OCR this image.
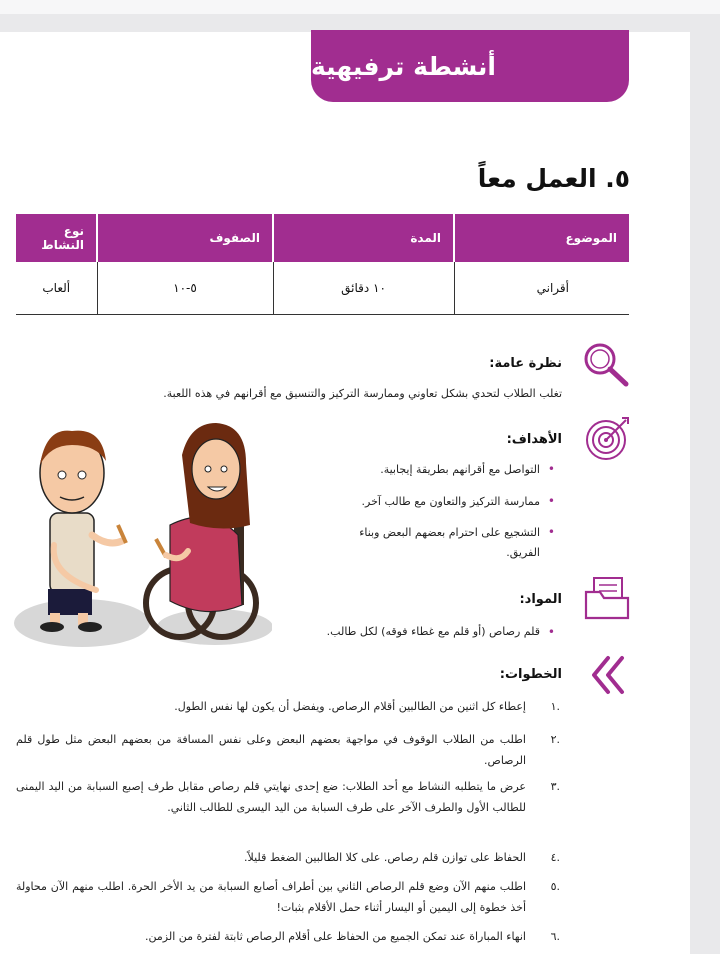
أنشطة ترفيهية
٥. العمل معاً
الموضوع	المدة	الصفوف	نوع النشاط
أقراني	١٠ دقائق	٥-١٠	ألعاب
نظرة عامة:
تغلب الطلاب لتحدي بشكل تعاوني وممارسة التركيز والتنسيق مع أقرانهم في هذه اللعبة.
الأهداف:
•
التواصل مع أقرانهم بطريقة إيجابية.
•
ممارسة التركيز والتعاون مع طالب آخر.
•
التشجيع على احترام بعضهم البعض وبناء الفريق.
المواد:
•
قلم رصاص (أو قلم مع غطاء فوقه) لكل طالب.
الخطوات:
١.
إعطاء كل اثنين من الطالبين أقلام الرصاص. ويفضل أن يكون لها نفس الطول.
٢.
اطلب من الطلاب الوقوف في مواجهة بعضهم البعض وعلى نفس المسافة من بعضهم البعض مثل طول قلم الرصاص.
٣.
عرض ما يتطلبه النشاط مع أحد الطلاب: ضع إحدى نهايتي قلم رصاص مقابل طرف إصبع السبابة من اليد اليمنى للطالب الأول والطرف الآخر على طرف السبابة من اليد اليسرى للطالب الثاني.
٤.
الحفاظ على توازن قلم رصاص. على كلا الطالبين الضغط قليلاً.
٥.
اطلب منهم الآن وضع قلم الرصاص الثاني بين أطراف أصابع السبابة من يد الأخر الحرة. اطلب منهم الآن محاولة أخذ خطوة إلى اليمين أو اليسار أثناء حمل الأقلام بثبات!
٦.
انهاء المباراة عند تمكن الجميع من الحفاظ على أقلام الرصاص ثابتة لفترة من الزمن.
